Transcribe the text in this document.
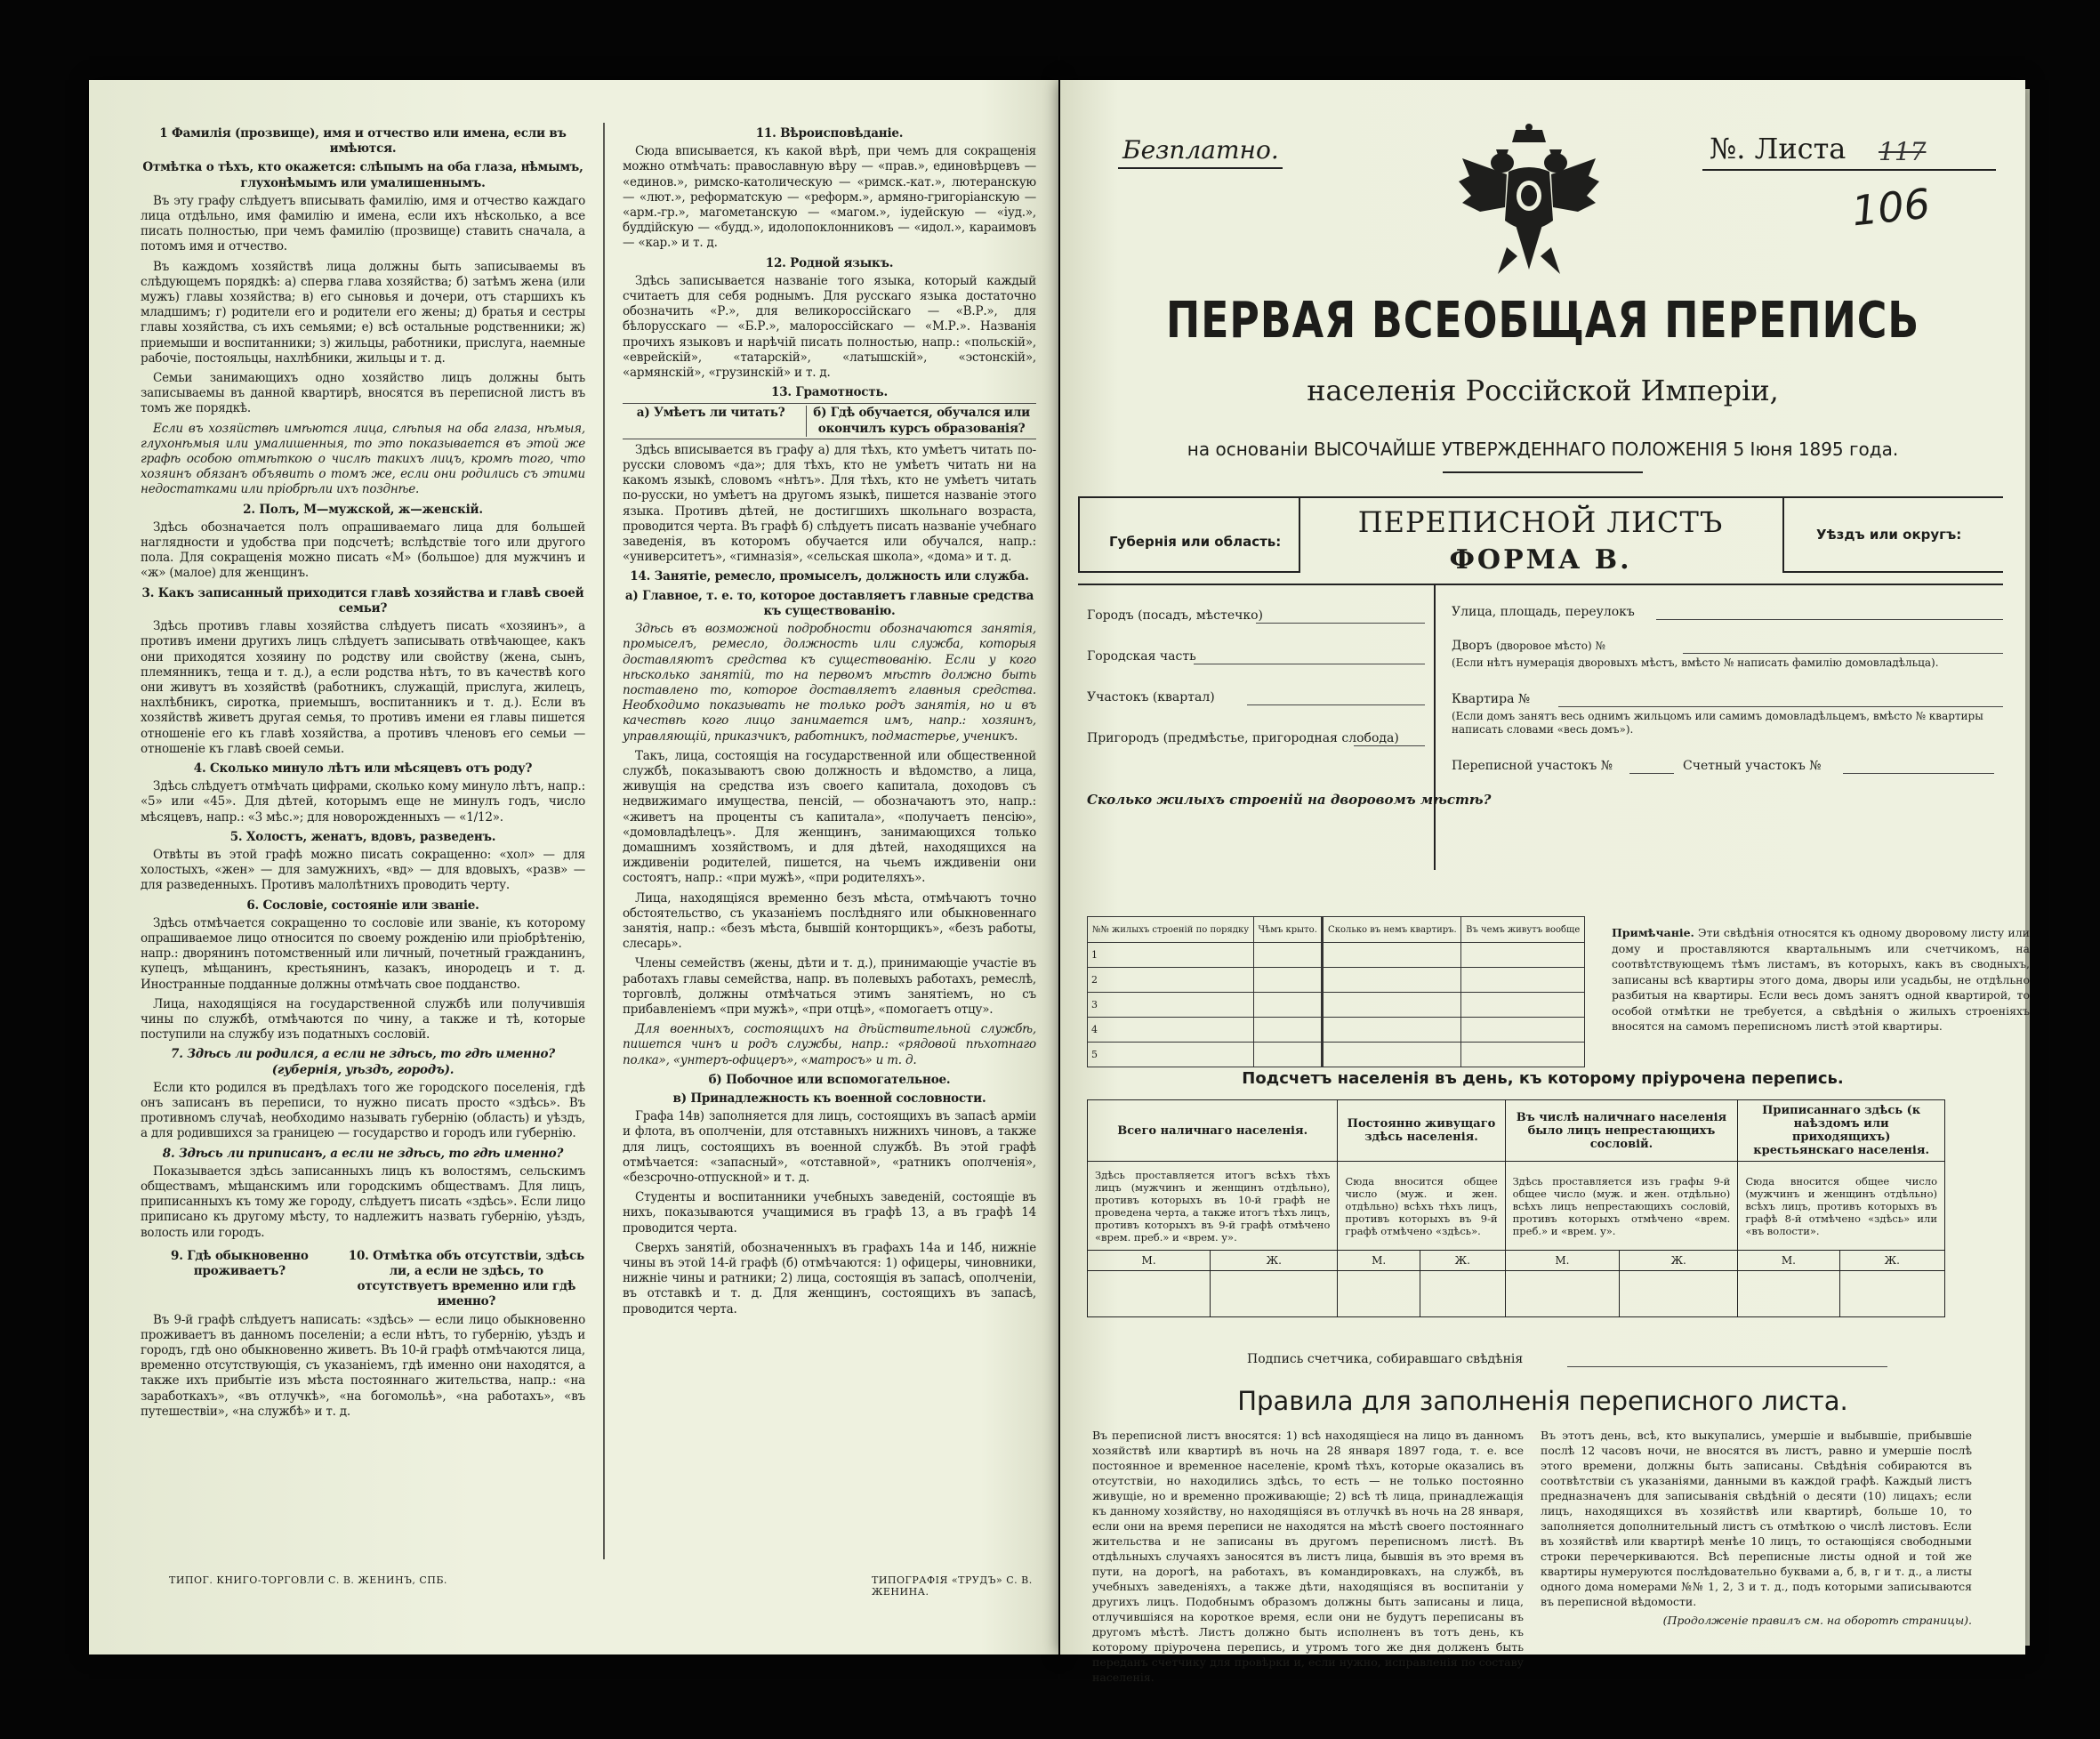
1 Фамилія (прозвище), имя и отчество или имена, если въ имѣются.
Отмѣтка о тѣхъ, кто окажется: слѣпымъ на оба глаза, нѣмымъ, глухонѣмымъ или умалишеннымъ.

Въ эту графу слѣдуетъ вписывать фамилію, имя и отчество каждаго лица отдѣльно, имя фамилію и имена, если ихъ нѣсколько, а все писать полностью, при чемъ фамилію (прозвище) ставить сначала, а потомъ имя и отчество.

Въ каждомъ хозяйствѣ лица должны быть записываемы въ слѣдующемъ порядкѣ: а) сперва глава хозяйства; б) затѣмъ жена (или мужъ) главы хозяйства; в) его сыновья и дочери, отъ старшихъ къ младшимъ; г) родители его и родители его жены; д) братья и сестры главы хозяйства, съ ихъ семьями; е) всѣ остальные родственники; ж) приемыши и воспитанники; з) жильцы, работники, прислуга, наемные рабочіе, постояльцы, нахлѣбники, жильцы и т. д.

Семьи занимающихъ одно хозяйство лицъ должны быть записываемы въ данной квартирѣ, вносятся въ переписной листъ въ томъ же порядкѣ.

Если въ хозяйствѣ имѣются лица, слѣпыя на оба глаза, нѣмыя, глухонѣмыя или умалишенныя, то это показывается въ этой же графѣ особою отмѣткою о числѣ такихъ лицъ, кромѣ того, что хозяинъ обязанъ объявить о томъ же, если они родились съ этими недостатками или пріобрѣли ихъ позднѣе.

2. Полъ, М—мужской, ж—женскій.

Здѣсь обозначается полъ опрашиваемаго лица для большей наглядности и удобства при подсчетѣ; вслѣдствіе того или другого пола. Для сокращенія можно писать «М» (большое) для мужчинъ и «ж» (малое) для женщинъ.

3. Какъ записанный приходится главѣ хозяйства и главѣ своей семьи?

Здѣсь противъ главы хозяйства слѣдуетъ писать «хозяинъ», а противъ имени другихъ лицъ слѣдуетъ записывать отвѣчающее, какъ они приходятся хозяину по родству или свойству (жена, сынъ, племянникъ, теща и т. д.), а если родства нѣтъ, то въ качествѣ кого они живутъ въ хозяйствѣ (работникъ, служащій, прислуга, жилецъ, нахлѣбникъ, сиротка, приемышъ, воспитанникъ и т. д.). Если въ хозяйствѣ живетъ другая семья, то противъ имени ея главы пишется отношеніе его къ главѣ хозяйства, а противъ членовъ его семьи — отношеніе къ главѣ своей семьи.

4. Сколько минуло лѣтъ или мѣсяцевъ отъ роду?

Здѣсь слѣдуетъ отмѣчать цифрами, сколько кому минуло лѣтъ, напр.: «5» или «45». Для дѣтей, которымъ еще не минулъ годъ, число мѣсяцевъ, напр.: «3 мѣс.»; для новорожденныхъ — «1/12».

5. Холостъ, женатъ, вдовъ, разведенъ.

Отвѣты въ этой графѣ можно писать сокращенно: «хол» — для холостыхъ, «жен» — для замужнихъ, «вд» — для вдовыхъ, «разв» — для разведенныхъ. Противъ малолѣтнихъ проводить черту.

6. Сословіе, состояніе или званіе.

Здѣсь отмѣчается сокращенно то сословіе или званіе, къ которому опрашиваемое лицо относится по своему рожденію или пріобрѣтенію, напр.: дворянинъ потомственный или личный, почетный гражданинъ, купецъ, мѣщанинъ, крестьянинъ, казакъ, инородецъ и т. д. Иностранные подданные должны отмѣчать свое подданство.

Лица, находящіяся на государственной службѣ или получившія чины по службѣ, отмѣчаются по чину, а также и тѣ, которые поступили на службу изъ податныхъ сословій.

7. Здѣсь ли родился, а если не здѣсь, то гдѣ именно? (губернія, уѣздъ, городъ).

Если кто родился въ предѣлахъ того же городского поселенія, гдѣ онъ записанъ въ переписи, то нужно писать просто «здѣсь». Въ противномъ случаѣ, необходимо называть губернію (область) и уѣздъ, а для родившихся за границею — государство и городъ или губернію.

8. Здѣсь ли приписанъ, а если не здѣсь, то гдѣ именно?

Показывается здѣсь записанныхъ лицъ къ волостямъ, сельскимъ обществамъ, мѣщанскимъ или городскимъ обществамъ. Для лицъ, приписанныхъ къ тому же городу, слѣдуетъ писать «здѣсь». Если лицо приписано къ другому мѣсту, то надлежитъ назвать губернію, уѣздъ, волость или городъ.

9. Гдѣ обыкновенно проживаетъ?
10. Отмѣтка объ отсутствіи, здѣсь ли, а если не здѣсь, то отсутствуетъ временно или гдѣ именно?

Въ 9-й графѣ слѣдуетъ написать: «здѣсь» — если лицо обыкновенно проживаетъ въ данномъ поселеніи; а если нѣтъ, то губернію, уѣздъ и городъ, гдѣ оно обыкновенно живетъ. Въ 10-й графѣ отмѣчаются лица, временно отсутствующія, съ указаніемъ, гдѣ именно они находятся, а также ихъ прибытіе изъ мѣста постояннаго жительства, напр.: «на заработкахъ», «въ отлучкѣ», «на богомольѣ», «на работахъ», «въ путешествіи», «на службѣ» и т. д.

11. Вѣроисповѣданіе.

Сюда вписывается, къ какой вѣрѣ, при чемъ для сокращенія можно отмѣчать: православную вѣру — «прав.», единовѣрцевъ — «единов.», римско-католическую — «римск.-кат.», лютеранскую — «лют.», реформатскую — «реформ.», армяно-григоріанскую — «арм.-гр.», магометанскую — «магом.», іудейскую — «іуд.», буддійскую — «будд.», идолопоклонниковъ — «идол.», караимовъ — «кар.» и т. д.

12. Родной языкъ.

Здѣсь записывается названіе того языка, который каждый считаетъ для себя роднымъ. Для русскаго языка достаточно обозначить «Р.», для великороссійскаго — «В.Р.», для бѣлорусскаго — «Б.Р.», малороссійскаго — «М.Р.». Названія прочихъ языковъ и нарѣчій писать полностью, напр.: «польскій», «еврейскій», «татарскій», «латышскій», «эстонскій», «армянскій», «грузинскій» и т. д.

13. Грамотность.
а) Умѣетъ ли читать?	б) Гдѣ обучается, обучался или окончилъ курсъ образованія?

Здѣсь вписывается въ графу а) для тѣхъ, кто умѣетъ читать по-русски словомъ «да»; для тѣхъ, кто не умѣетъ читать ни на какомъ языкѣ, словомъ «нѣтъ». Для тѣхъ, кто не умѣетъ читать по-русски, но умѣетъ на другомъ языкѣ, пишется названіе этого языка. Противъ дѣтей, не достигшихъ школьнаго возраста, проводится черта. Въ графѣ б) слѣдуетъ писать названіе учебнаго заведенія, въ которомъ обучается или обучался, напр.: «университетъ», «гимназія», «сельская школа», «дома» и т. д.

14. Занятіе, ремесло, промыселъ, должность или служба.
а) Главное, т. е. то, которое доставляетъ главные средства къ существованію.

Здѣсь въ возможной подробности обозначаются занятія, промыселъ, ремесло, должность или служба, которыя доставляютъ средства къ существованію. Если у кого нѣсколько занятій, то на первомъ мѣстѣ должно быть поставлено то, которое доставляетъ главныя средства. Необходимо показывать не только родъ занятія, но и въ качествѣ кого лицо занимается имъ, напр.: хозяинъ, управляющій, приказчикъ, работникъ, подмастерье, ученикъ.

Такъ, лица, состоящія на государственной или общественной службѣ, показываютъ свою должность и вѣдомство, а лица, живущія на средства изъ своего капитала, доходовъ съ недвижимаго имущества, пенсій, — обозначаютъ это, напр.: «живетъ на проценты съ капитала», «получаетъ пенсію», «домовладѣлецъ». Для женщинъ, занимающихся только домашнимъ хозяйствомъ, и для дѣтей, находящихся на иждивеніи родителей, пишется, на чьемъ иждивеніи они состоятъ, напр.: «при мужѣ», «при родителяхъ».

Лица, находящіяся временно безъ мѣста, отмѣчаютъ точно обстоятельство, съ указаніемъ послѣдняго или обыкновеннаго занятія, напр.: «безъ мѣста, бывшій конторщикъ», «безъ работы, слесарь».

Члены семействъ (жены, дѣти и т. д.), принимающіе участіе въ работахъ главы семейства, напр. въ полевыхъ работахъ, ремеслѣ, торговлѣ, должны отмѣчаться этимъ занятіемъ, но съ прибавленіемъ «при мужѣ», «при отцѣ», «помогаетъ отцу».

Для военныхъ, состоящихъ на дѣйствительной службѣ, пишется чинъ и родъ службы, напр.: «рядовой пѣхотнаго полка», «унтеръ-офицеръ», «матросъ» и т. д.

б) Побочное или вспомогательное.
в) Принадлежность къ военной сословности.

Графа 14в) заполняется для лицъ, состоящихъ въ запасѣ арміи и флота, въ ополченіи, для отставныхъ нижнихъ чиновъ, а также для лицъ, состоящихъ въ военной службѣ. Въ этой графѣ отмѣчается: «запасный», «отставной», «ратникъ ополченія», «безсрочно-отпускной» и т. д.

Студенты и воспитанники учебныхъ заведеній, состоящіе въ нихъ, показываются учащимися въ графѣ 13, а въ графѣ 14 проводится черта.

Сверхъ занятій, обозначенныхъ въ графахъ 14а и 14б, нижніе чины въ этой 14-й графѣ (б) отмѣчаются: 1) офицеры, чиновники, нижніе чины и ратники; 2) лица, состоящія въ запасѣ, ополченіи, въ отставкѣ и т. д. Для женщинъ, состоящихъ въ запасѣ, проводится черта.

ТИПОГ. КНИГО-ТОРГОВЛИ С. В. ЖЕНИНЪ, СПБ.	ТИПОГРАФІЯ «ТРУДЪ» С. В. ЖЕНИНА.
Безплатно.	№. Листа 117
106
ПЕРВАЯ ВСЕОБЩАЯ ПЕРЕПИСЬ
населенія Россійской Имперіи,
на основаніи ВЫСОЧАЙШЕ УТВЕРЖДЕННАГО ПОЛОЖЕНІЯ 5 Іюня 1895 года.
Губернія или область:
ПЕРЕПИСНОЙ ЛИСТЪ
ФОРМА В.
Уѣздъ или округъ:
Городъ (посадъ, мѣстечко)
Городская часть
Участокъ (квартал)
Пригородъ (предмѣстье, пригородная слобода)
Улица, площадь, переулокъ
Дворъ (дворовое мѣсто) №
(Если нѣтъ нумерація дворовыхъ мѣстъ, вмѣсто № написать фамилію домовладѣльца).
Квартира №
(Если домъ занятъ весь однимъ жильцомъ или самимъ домовладѣльцемъ, вмѣсто № квартиры написать словами «весь домъ»).
Переписной участокъ №	Счетный участокъ №
Сколько жилыхъ строеній на дворовомъ мѣстѣ?
№№ жилыхъ строеній по порядку	Чѣмъ крыто.	Сколько въ немъ квартиръ.	Въ чемъ живутъ вообще
1			
2			
3			
4			
5			
Примѣчаніе. Эти свѣдѣнія относятся къ одному дворовому листу или дому и проставляются квартальнымъ или счетчикомъ, на соотвѣтствующемъ тѣмъ листамъ, въ которыхъ, какъ въ сводныхъ, записаны всѣ квартиры этого дома, дворы или усадьбы, не отдѣльно разбитыя на квартиры. Если весь домъ занятъ одной квартирой, то особой отмѣтки не требуется, а свѣдѣнія о жилыхъ строеніяхъ вносятся на самомъ переписномъ листѣ этой квартиры.
Подсчетъ населенія въ день, къ которому пріурочена перепись.
Всего наличнаго населенія.		Постоянно живущаго здѣсь населенія.		Въ числѣ наличнаго населенія было лицъ непрестающихъ сословій.		Приписаннаго здѣсь (к наѣздомъ или приходящихъ) крестьянскаго населенія.	
Здѣсь проставляется итогъ всѣхъ тѣхъ лицъ (мужчинъ и женщинъ отдѣльно), противъ которыхъ въ 10-й графѣ не проведена черта, а также итогъ тѣхъ лицъ, противъ которыхъ въ 9-й графѣ отмѣчено «врем. преб.» и «врем. у».		Сюда вносится общее число (муж. и жен. отдѣльно) всѣхъ тѣхъ лицъ, противъ которыхъ въ 9-й графѣ отмѣчено «здѣсь».		Здѣсь проставляется изъ графы 9-й общее число (муж. и жен. отдѣльно) всѣхъ лицъ непрестающихъ сословій, противъ которыхъ отмѣчено «врем. преб.» и «врем. у».		Сюда вносится общее число (мужчинъ и женщинъ отдѣльно) всѣхъ лицъ, противъ которыхъ въ графѣ 8-й отмѣчено «здѣсь» или «въ волости».	
М.	Ж.	М.	Ж.	М.	Ж.	М.	Ж.

Подпись счетчика, собиравшаго свѣдѣнія
Правила для заполненія переписного листа.
Въ переписной листъ вносятся: 1) всѣ находящіеся на лицо въ данномъ хозяйствѣ или квартирѣ въ ночь на 28 января 1897 года, т. е. все постоянное и временное населеніе, кромѣ тѣхъ, которые оказались въ отсутствіи, но находились здѣсь, то есть — не только постоянно живущіе, но и временно проживающіе; 2) всѣ тѣ лица, принадлежащія къ данному хозяйству, но находящіяся въ отлучкѣ въ ночь на 28 января, если они на время переписи не находятся на мѣстѣ своего постояннаго жительства и не записаны въ другомъ переписномъ листѣ. Въ отдѣльныхъ случаяхъ заносятся въ листъ лица, бывшія въ это время въ пути, на дорогѣ, на работахъ, въ командировкахъ, на службѣ, въ учебныхъ заведеніяхъ, а также дѣти, находящіяся въ воспитаніи у другихъ лицъ. Подобнымъ образомъ должны быть записаны и лица, отлучившіяся на короткое время, если они не будутъ переписаны въ другомъ мѣстѣ. Листъ должно быть исполненъ въ тотъ день, къ которому пріурочена перепись, и утромъ того же дня долженъ быть переданъ счетчику для провѣрки и, если нужно, исправленія по составу населенія.
Въ этотъ день, всѣ, кто выкупались, умершіе и выбывшіе, прибывшіе послѣ 12 часовъ ночи, не вносятся въ листъ, равно и умершіе послѣ этого времени, должны быть записаны. Свѣдѣнія собираются въ соотвѣтствіи съ указаніями, данными въ каждой графѣ. Каждый листъ предназначенъ для записыванія свѣдѣній о десяти (10) лицахъ; если лицъ, находящихся въ хозяйствѣ или квартирѣ, больше 10, то заполняется дополнительный листъ съ отмѣткою о числѣ листовъ. Если въ хозяйствѣ или квартирѣ менѣе 10 лицъ, то остающіяся свободными строки перечеркиваются. Всѣ переписные листы одной и той же квартиры нумеруются послѣдовательно буквами а, б, в, г и т. д., а листы одного дома номерами №№ 1, 2, 3 и т. д., подъ которыми записываются въ переписной вѣдомости.
(Продолженіе правилъ см. на оборотѣ страницы).
